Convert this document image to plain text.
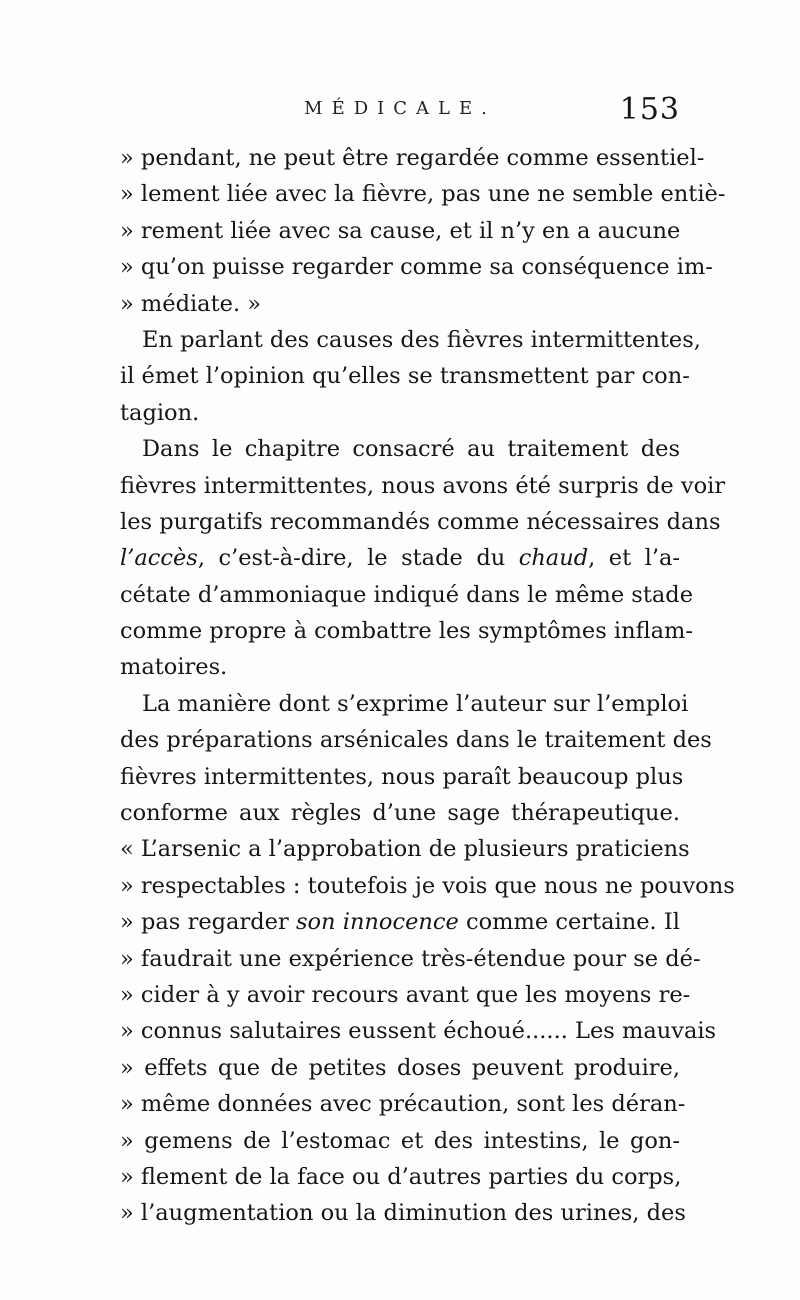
MÉDICALE.	153
» pendant, ne peut être regardée comme essentiel-
» lement liée avec la fièvre, pas une ne semble entiè-
» rement liée avec sa cause, et il n’y en a aucune
» qu’on puisse regarder comme sa conséquence im-
» médiate. »
En parlant des causes des fièvres intermittentes,
il émet l’opinion qu’elles se transmettent par con-
tagion.
Dans le chapitre consacré au traitement des
fièvres intermittentes, nous avons été surpris de voir
les purgatifs recommandés comme nécessaires dans
l’accès, c’est-à-dire, le stade du chaud, et l’a-
cétate d’ammoniaque indiqué dans le même stade
comme propre à combattre les symptômes inflam-
matoires.
La manière dont s’exprime l’auteur sur l’emploi
des préparations arsénicales dans le traitement des
fièvres intermittentes, nous paraît beaucoup plus
conforme aux règles d’une sage thérapeutique.
« L’arsenic a l’approbation de plusieurs praticiens
» respectables : toutefois je vois que nous ne pouvons
» pas regarder son innocence comme certaine. Il
» faudrait une expérience très-étendue pour se dé-
» cider à y avoir recours avant que les moyens re-
» connus salutaires eussent échoué...... Les mauvais
» effets que de petites doses peuvent produire,
» même données avec précaution, sont les déran-
» gemens de l’estomac et des intestins, le gon-
» flement de la face ou d’autres parties du corps,
» l’augmentation ou la diminution des urines, des
